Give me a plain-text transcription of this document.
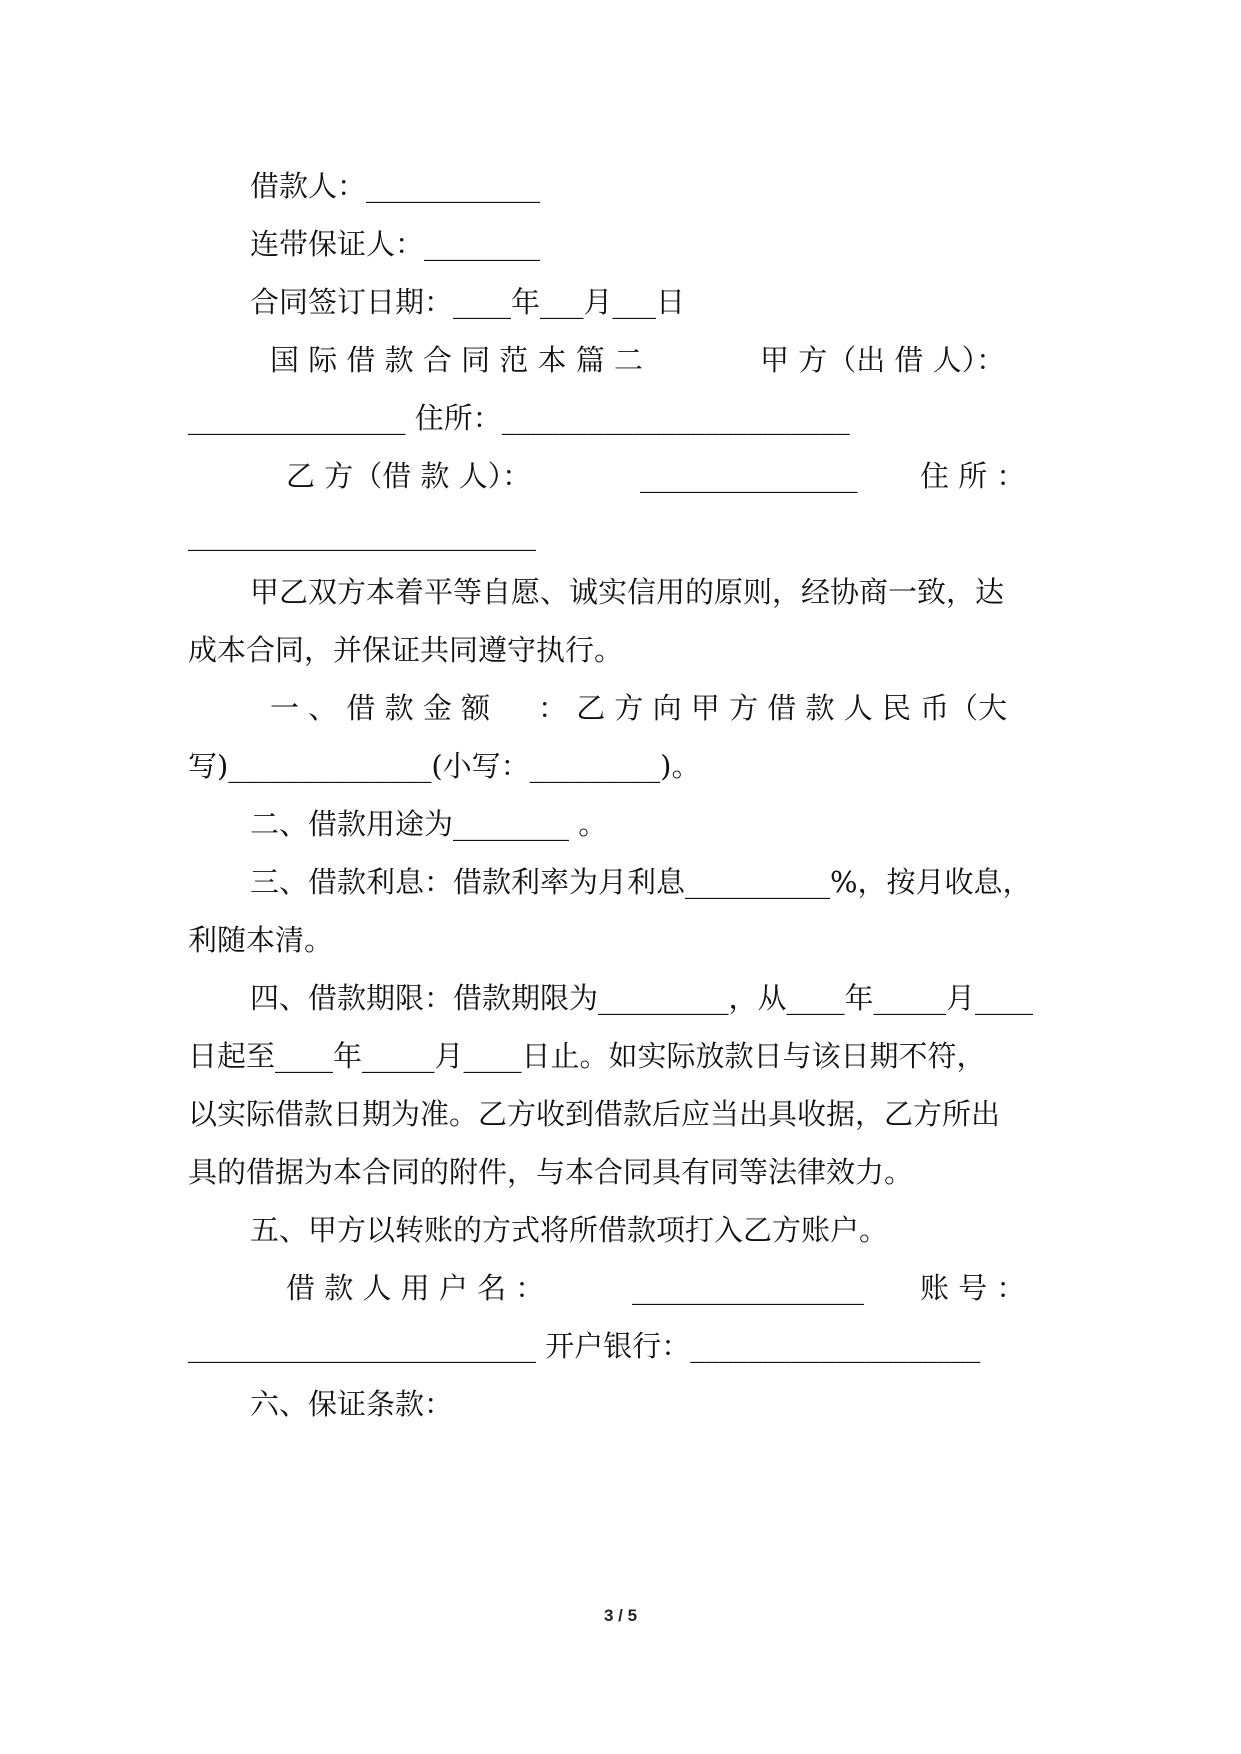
借款人：____________
连带保证人：________
合同签订日期：____年___月___日
国 际 借 款 合 同 范 本 篇 二	甲 方（出 借 人）：
_______________ 住所：________________________
乙 方（借 款 人）：	_______________ 住 所 ：
________________________
甲乙双方本着平等自愿、诚实信用的原则，经协商一致，达
成本合同，并保证共同遵守执行。
一 、 借 款 金 额 ： 乙 方 向 甲 方 借 款 人 民 币（大
写)______________(小写：_________)。
二、借款用途为________ 。
三、借款利息：借款利率为月利息__________%，按月收息，
利随本清。
四、借款期限：借款期限为_________，从____年_____月____
日起至____年_____月____日止。如实际放款日与该日期不符，
以实际借款日期为准。乙方收到借款后应当出具收据，乙方所出
具的借据为本合同的附件，与本合同具有同等法律效力。
五、甲方以转账的方式将所借款项打入乙方账户。
借 款 人 用 户 名 ：	________________ 账 号 ：
________________________ 开户银行：____________________
六、保证条款：
3 / 5
